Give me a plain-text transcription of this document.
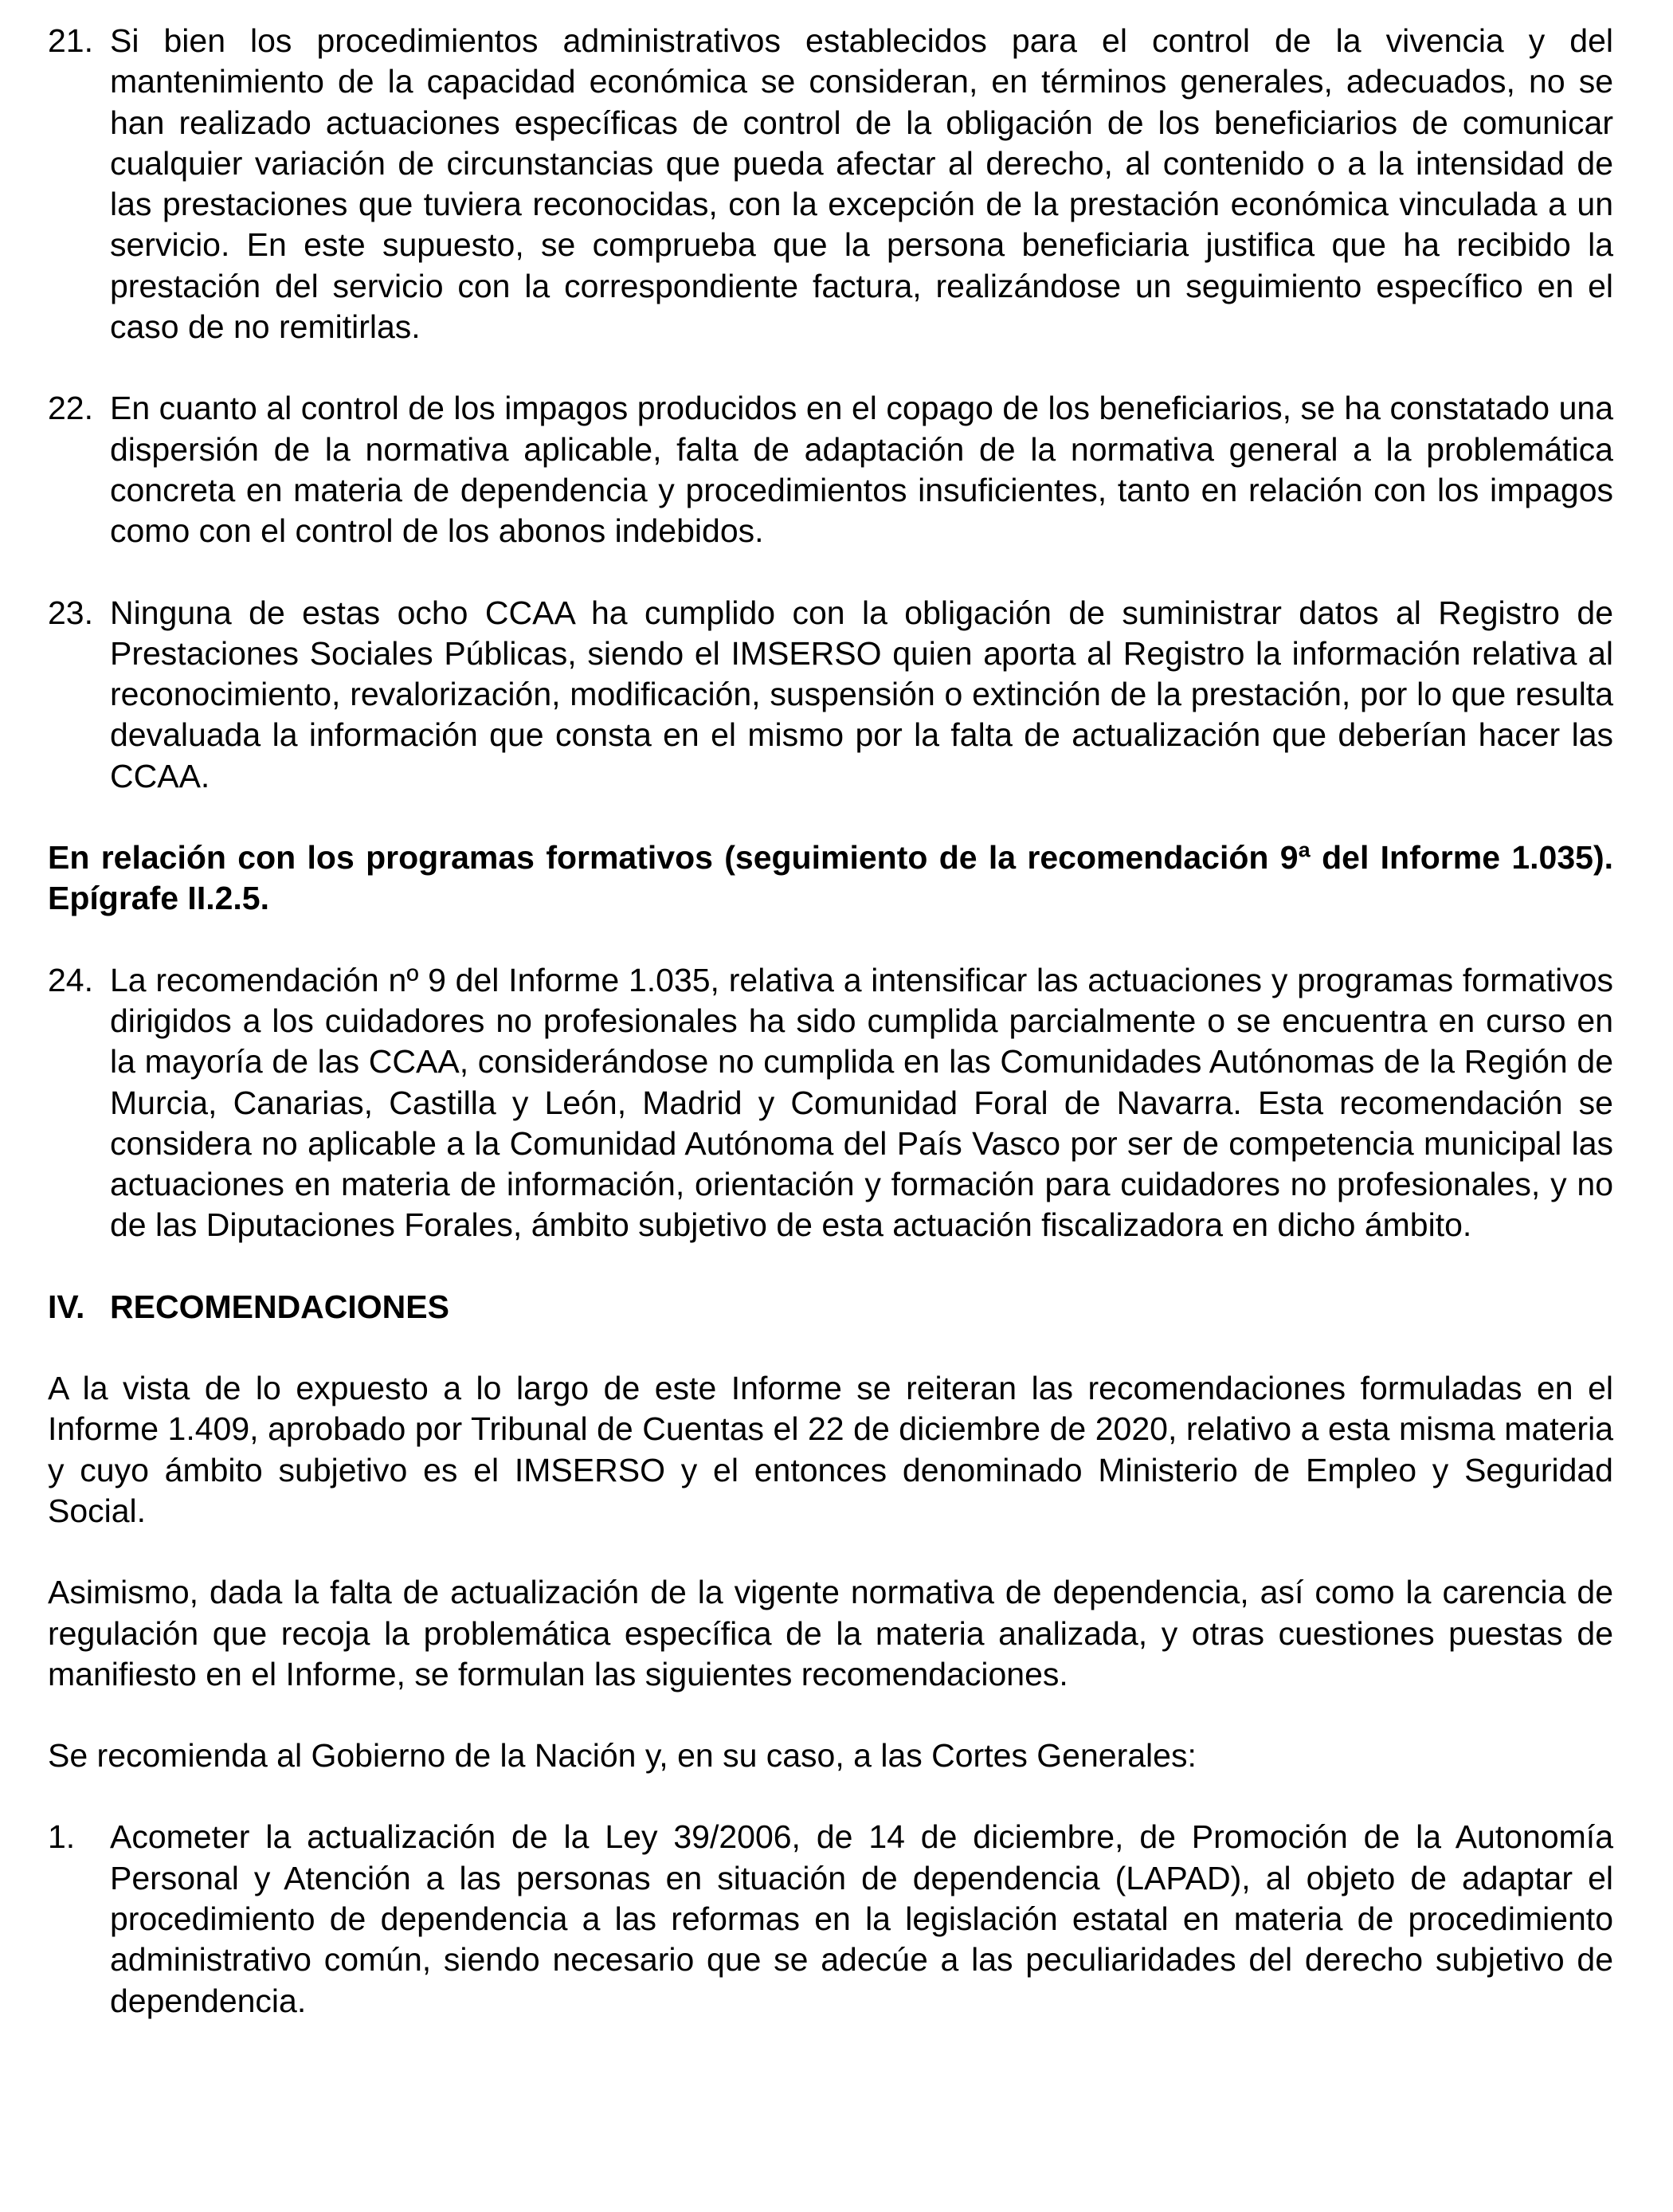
21. Si bien los procedimientos administrativos establecidos para el control de la vivencia y del mantenimiento de la capacidad económica se consideran, en términos generales, adecuados, no se han realizado actuaciones específicas de control de la obligación de los beneficiarios de comunicar cualquier variación de circunstancias que pueda afectar al derecho, al contenido o a la intensidad de las prestaciones que tuviera reconocidas, con la excepción de la prestación económica vinculada a un servicio. En este supuesto, se comprueba que la persona beneficiaria justifica que ha recibido la prestación del servicio con la correspondiente factura, realizándose un seguimiento específico en el caso de no remitirlas.

22. En cuanto al control de los impagos producidos en el copago de los beneficiarios, se ha constatado una dispersión de la normativa aplicable, falta de adaptación de la normativa general a la problemática concreta en materia de dependencia y procedimientos insuficientes, tanto en relación con los impagos como con el control de los abonos indebidos.

23. Ninguna de estas ocho CCAA ha cumplido con la obligación de suministrar datos al Registro de Prestaciones Sociales Públicas, siendo el IMSERSO quien aporta al Registro la información relativa al reconocimiento, revalorización, modificación, suspensión o extinción de la prestación, por lo que resulta devaluada la información que consta en el mismo por la falta de actualización que deberían hacer las CCAA.

En relación con los programas formativos (seguimiento de la recomendación 9ª del Informe 1.035). Epígrafe II.2.5.

24. La recomendación nº 9 del Informe 1.035, relativa a intensificar las actuaciones y programas formativos dirigidos a los cuidadores no profesionales ha sido cumplida parcialmente o se encuentra en curso en la mayoría de las CCAA, considerándose no cumplida en las Comunidades Autónomas de la Región de Murcia, Canarias, Castilla y León, Madrid y Comunidad Foral de Navarra. Esta recomendación se considera no aplicable a la Comunidad Autónoma del País Vasco por ser de competencia municipal las actuaciones en materia de información, orientación y formación para cuidadores no profesionales, y no de las Diputaciones Forales, ámbito subjetivo de esta actuación fiscalizadora en dicho ámbito.

IV. RECOMENDACIONES

A la vista de lo expuesto a lo largo de este Informe se reiteran las recomendaciones formuladas en el Informe 1.409, aprobado por Tribunal de Cuentas el 22 de diciembre de 2020, relativo a esta misma materia y cuyo ámbito subjetivo es el IMSERSO y el entonces denominado Ministerio de Empleo y Seguridad Social.

Asimismo, dada la falta de actualización de la vigente normativa de dependencia, así como la carencia de regulación que recoja la problemática específica de la materia analizada, y otras cuestiones puestas de manifiesto en el Informe, se formulan las siguientes recomendaciones.

Se recomienda al Gobierno de la Nación y, en su caso, a las Cortes Generales:

1.	Acometer la actualización de la Ley 39/2006, de 14 de diciembre, de Promoción de la Autonomía Personal y Atención a las personas en situación de dependencia (LAPAD), al objeto de adaptar el procedimiento de dependencia a las reformas en la legislación estatal en materia de procedimiento administrativo común, siendo necesario que se adecúe a las peculiaridades del derecho subjetivo de dependencia.
